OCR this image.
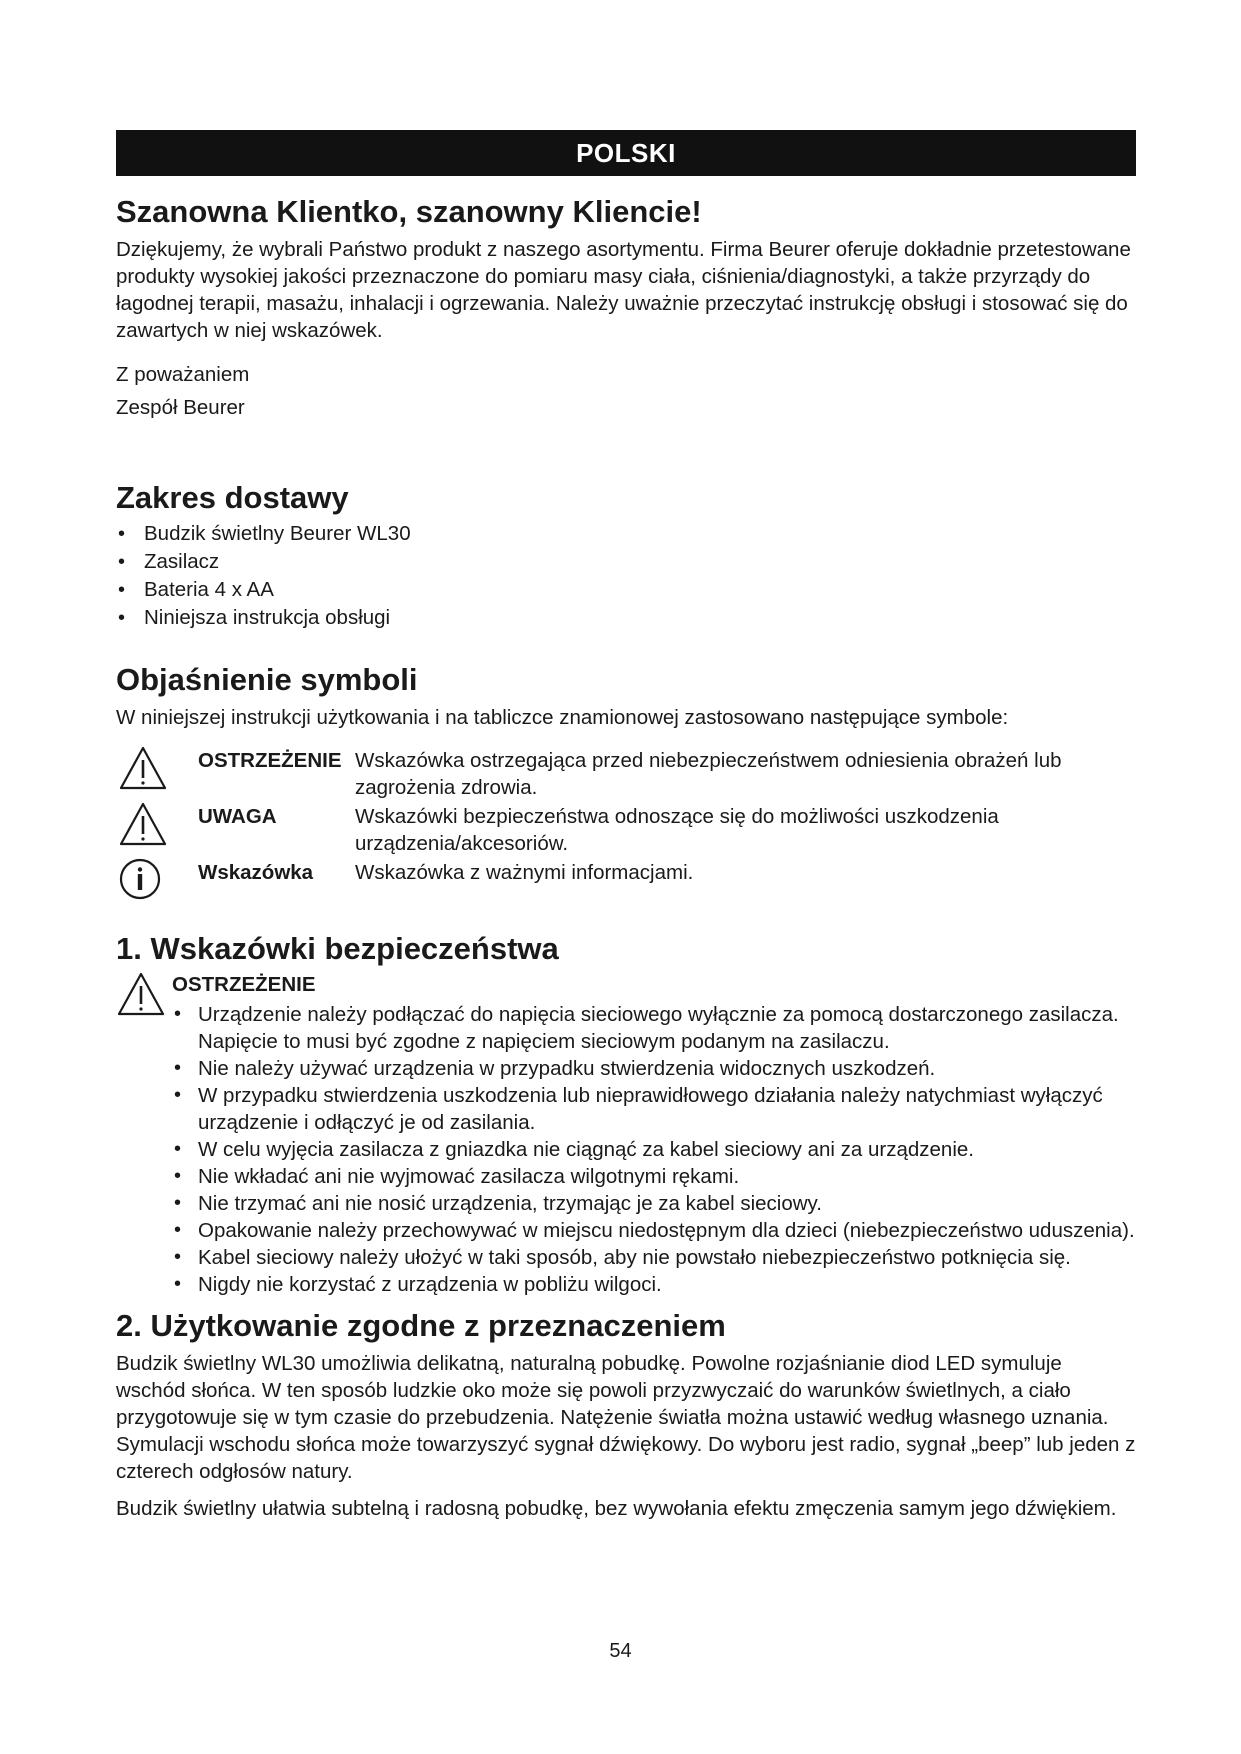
POLSKI
Szanowna Klientko, szanowny Kliencie!

Dziękujemy, że wybrali Państwo produkt z naszego asortymentu. Firma Beurer oferuje dokładnie przetestowane produkty wysokiej jakości przeznaczone do pomiaru masy ciała, ciśnienia/diagnostyki, a także przyrządy do łagodnej terapii, masażu, inhalacji i ogrzewania. Należy uważnie przeczytać instrukcję obsługi i stosować się do zawartych w niej wskazówek.

Z poważaniem

Zespół Beurer

Zakres dostawy
• Budzik świetlny Beurer WL30
• Zasilacz
• Bateria 4 x AA
• Niniejsza instrukcja obsługi
Objaśnienie symboli

W niniejszej instrukcji użytkowania i na tabliczce znamionowej zastosowano następujące symbole:

OSTRZEŻENIE Wskazówka ostrzegająca przed niebezpieczeństwem odniesienia obrażeń lub zagrożenia zdrowia.
UWAGA	Wskazówki bezpieczeństwa odnoszące się do możliwości uszkodzenia urządzenia/akcesoriów.
Wskazówka	Wskazówka z ważnymi informacjami.
1. Wskazówki bezpieczeństwa
OSTRZEŻENIE
• Urządzenie należy podłączać do napięcia sieciowego wyłącznie za pomocą dostarczonego zasilacza. Napięcie to musi być zgodne z napięciem sieciowym podanym na zasilaczu.
• Nie należy używać urządzenia w przypadku stwierdzenia widocznych uszkodzeń.
• W przypadku stwierdzenia uszkodzenia lub nieprawidłowego działania należy natychmiast wyłączyć urządzenie i odłączyć je od zasilania.
• W celu wyjęcia zasilacza z gniazdka nie ciągnąć za kabel sieciowy ani za urządzenie.
• Nie wkładać ani nie wyjmować zasilacza wilgotnymi rękami.
• Nie trzymać ani nie nosić urządzenia, trzymając je za kabel sieciowy.
• Opakowanie należy przechowywać w miejscu niedostępnym dla dzieci (niebezpieczeństwo uduszenia).
• Kabel sieciowy należy ułożyć w taki sposób, aby nie powstało niebezpieczeństwo potknięcia się.
• Nigdy nie korzystać z urządzenia w pobliżu wilgoci.
2. Użytkowanie zgodne z przeznaczeniem

Budzik świetlny WL30 umożliwia delikatną, naturalną pobudkę. Powolne rozjaśnianie diod LED symuluje wschód słońca. W ten sposób ludzkie oko może się powoli przyzwyczaić do warunków świetlnych, a ciało przygotowuje się w tym czasie do przebudzenia. Natężenie światła można ustawić według własnego uznania. Symulacji wschodu słońca może towarzyszyć sygnał dźwiękowy. Do wyboru jest radio, sygnał „beep” lub jeden z czterech odgłosów natury.

Budzik świetlny ułatwia subtelną i radosną pobudkę, bez wywołania efektu zmęczenia samym jego dźwiękiem.

54
